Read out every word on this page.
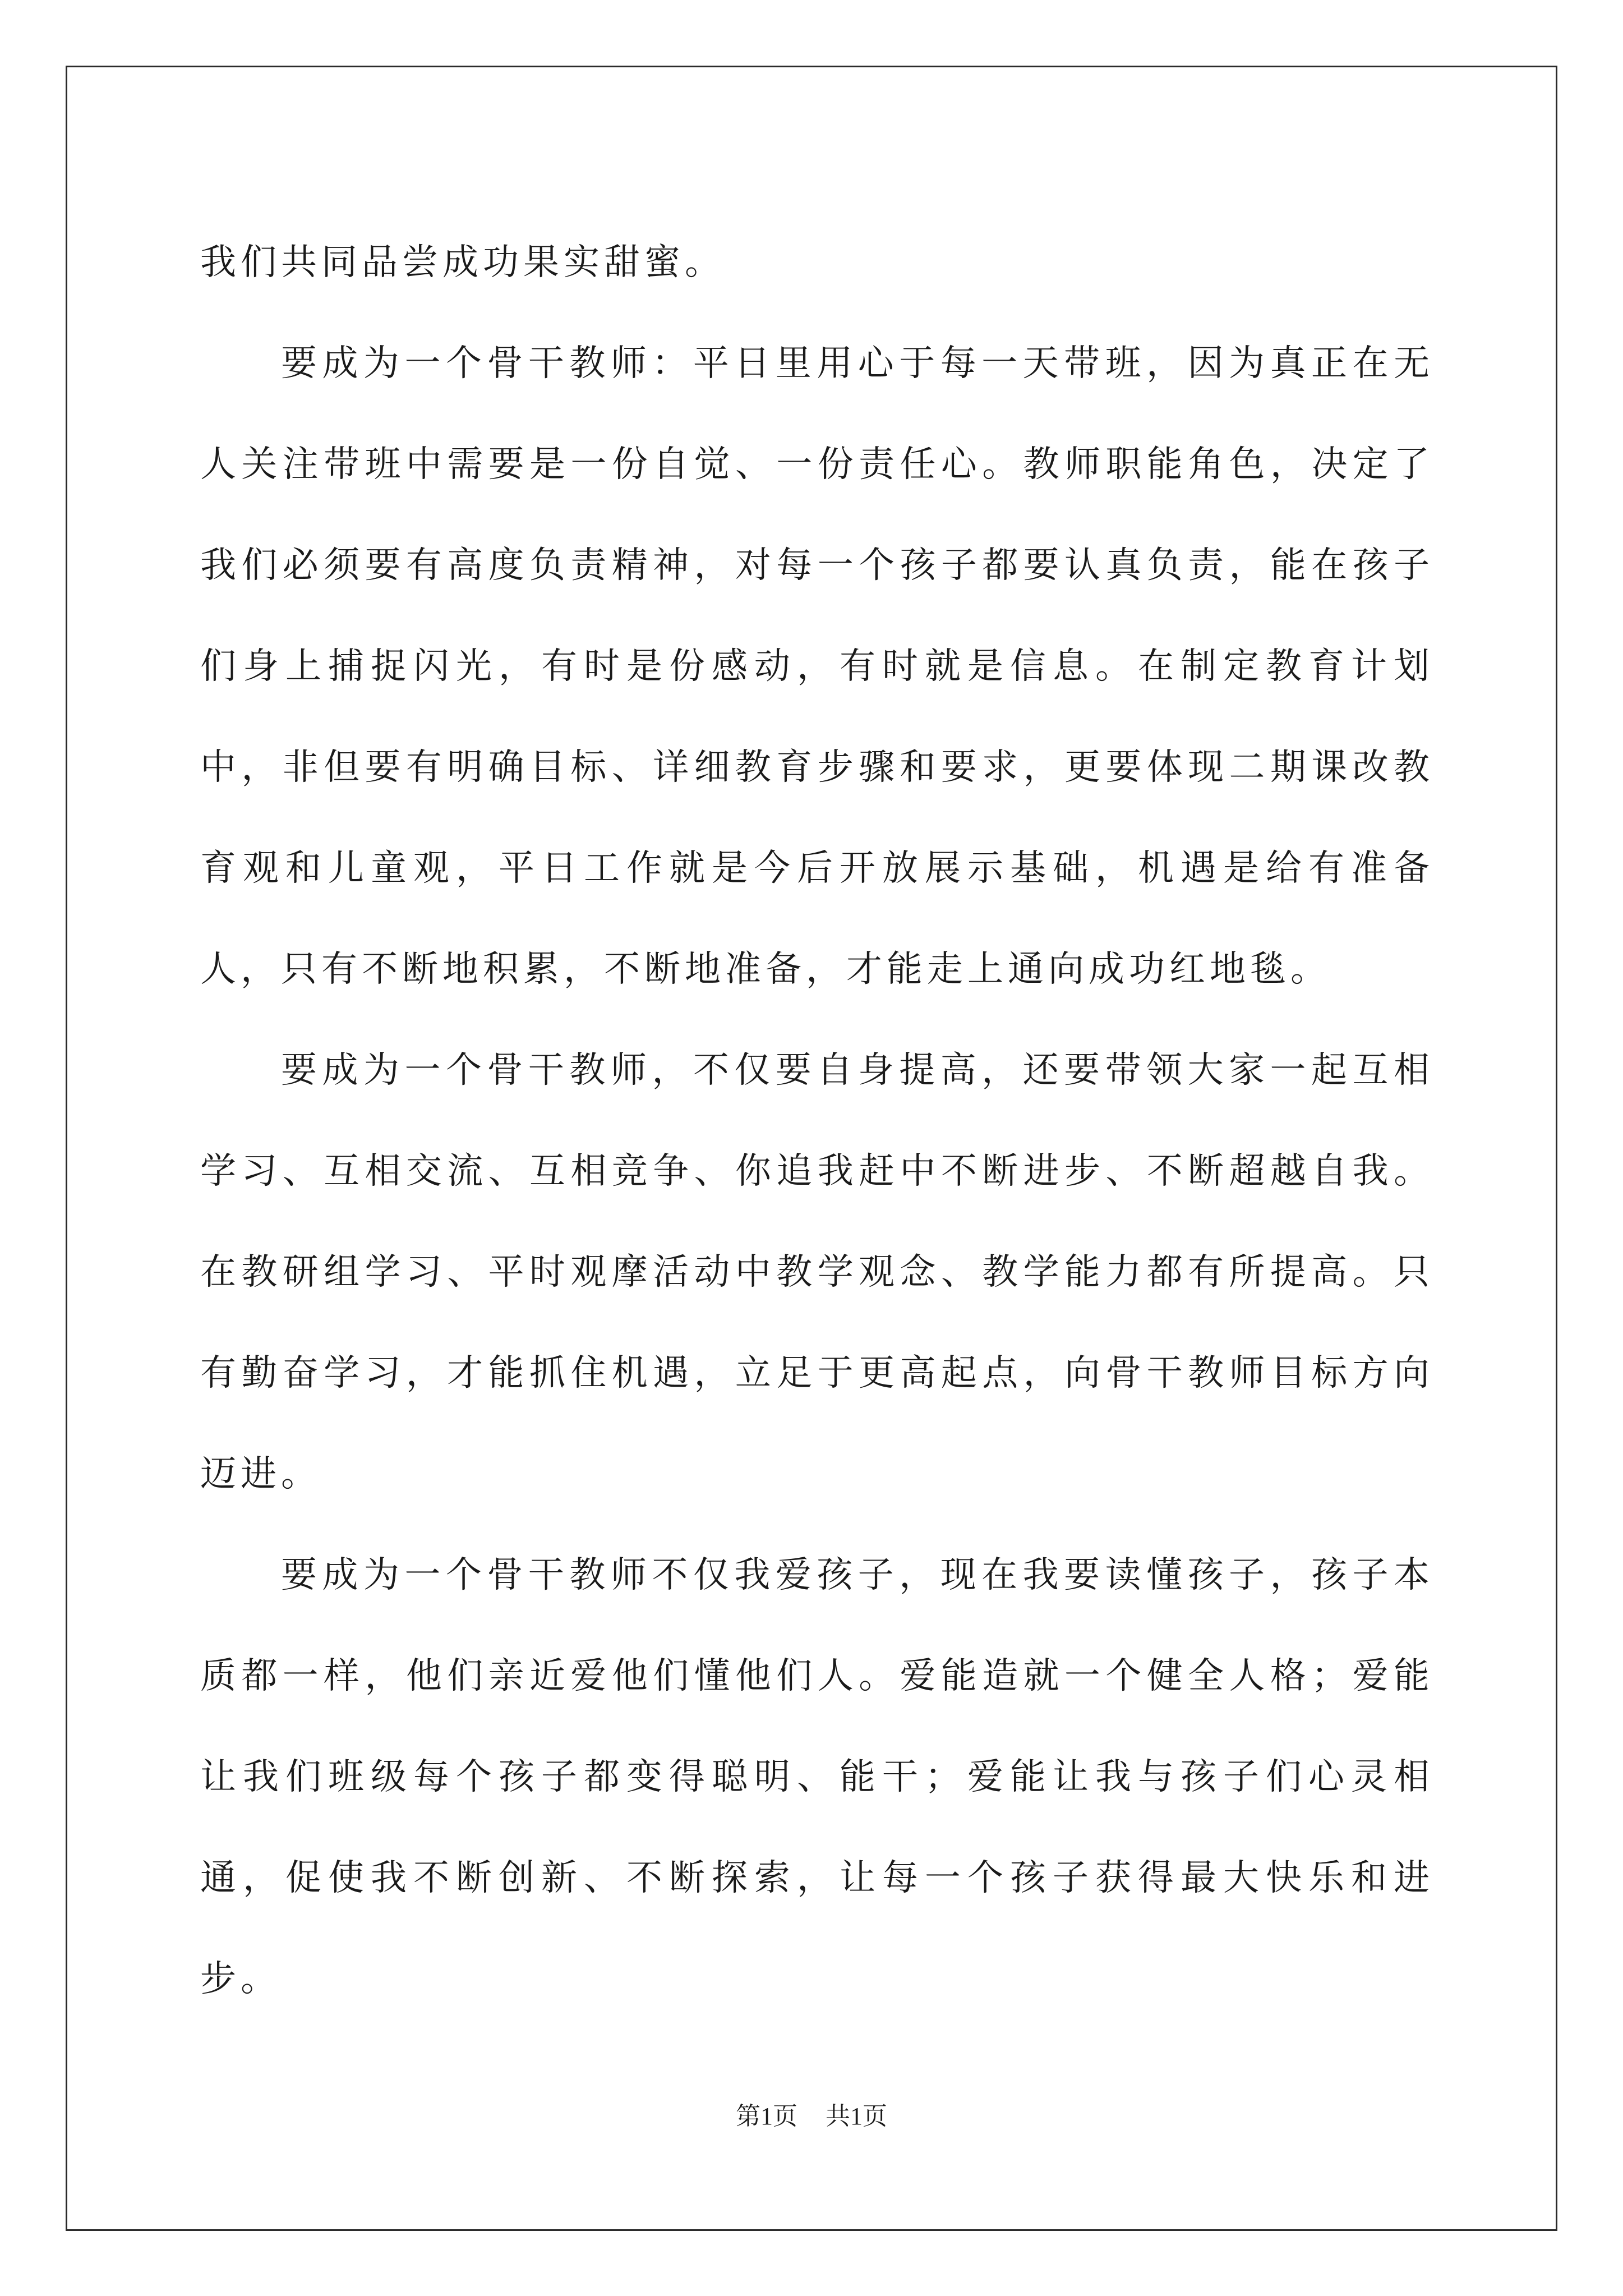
我们共同品尝成功果实甜蜜。

要成为一个骨干教师：平日里用心于每一天带班，因为真正在无人关注带班中需要是一份自觉、一份责任心。教师职能角色，决定了我们必须要有高度负责精神，对每一个孩子都要认真负责，能在孩子们身上捕捉闪光，有时是份感动，有时就是信息。在制定教育计划中，非但要有明确目标、详细教育步骤和要求，更要体现二期课改教育观和儿童观，平日工作就是今后开放展示基础，机遇是给有准备人，只有不断地积累，不断地准备，才能走上通向成功红地毯。

要成为一个骨干教师，不仅要自身提高，还要带领大家一起互相学习、互相交流、互相竞争、你追我赶中不断进步、不断超越自我。在教研组学习、平时观摩活动中教学观念、教学能力都有所提高。只有勤奋学习，才能抓住机遇，立足于更高起点，向骨干教师目标方向迈进。

要成为一个骨干教师不仅我爱孩子，现在我要读懂孩子，孩子本质都一样，他们亲近爱他们懂他们人。爱能造就一个健全人格；爱能让我们班级每个孩子都变得聪明、能干；爱能让我与孩子们心灵相通，促使我不断创新、不断探索，让每一个孩子获得最大快乐和进步。

第1页 共1页
